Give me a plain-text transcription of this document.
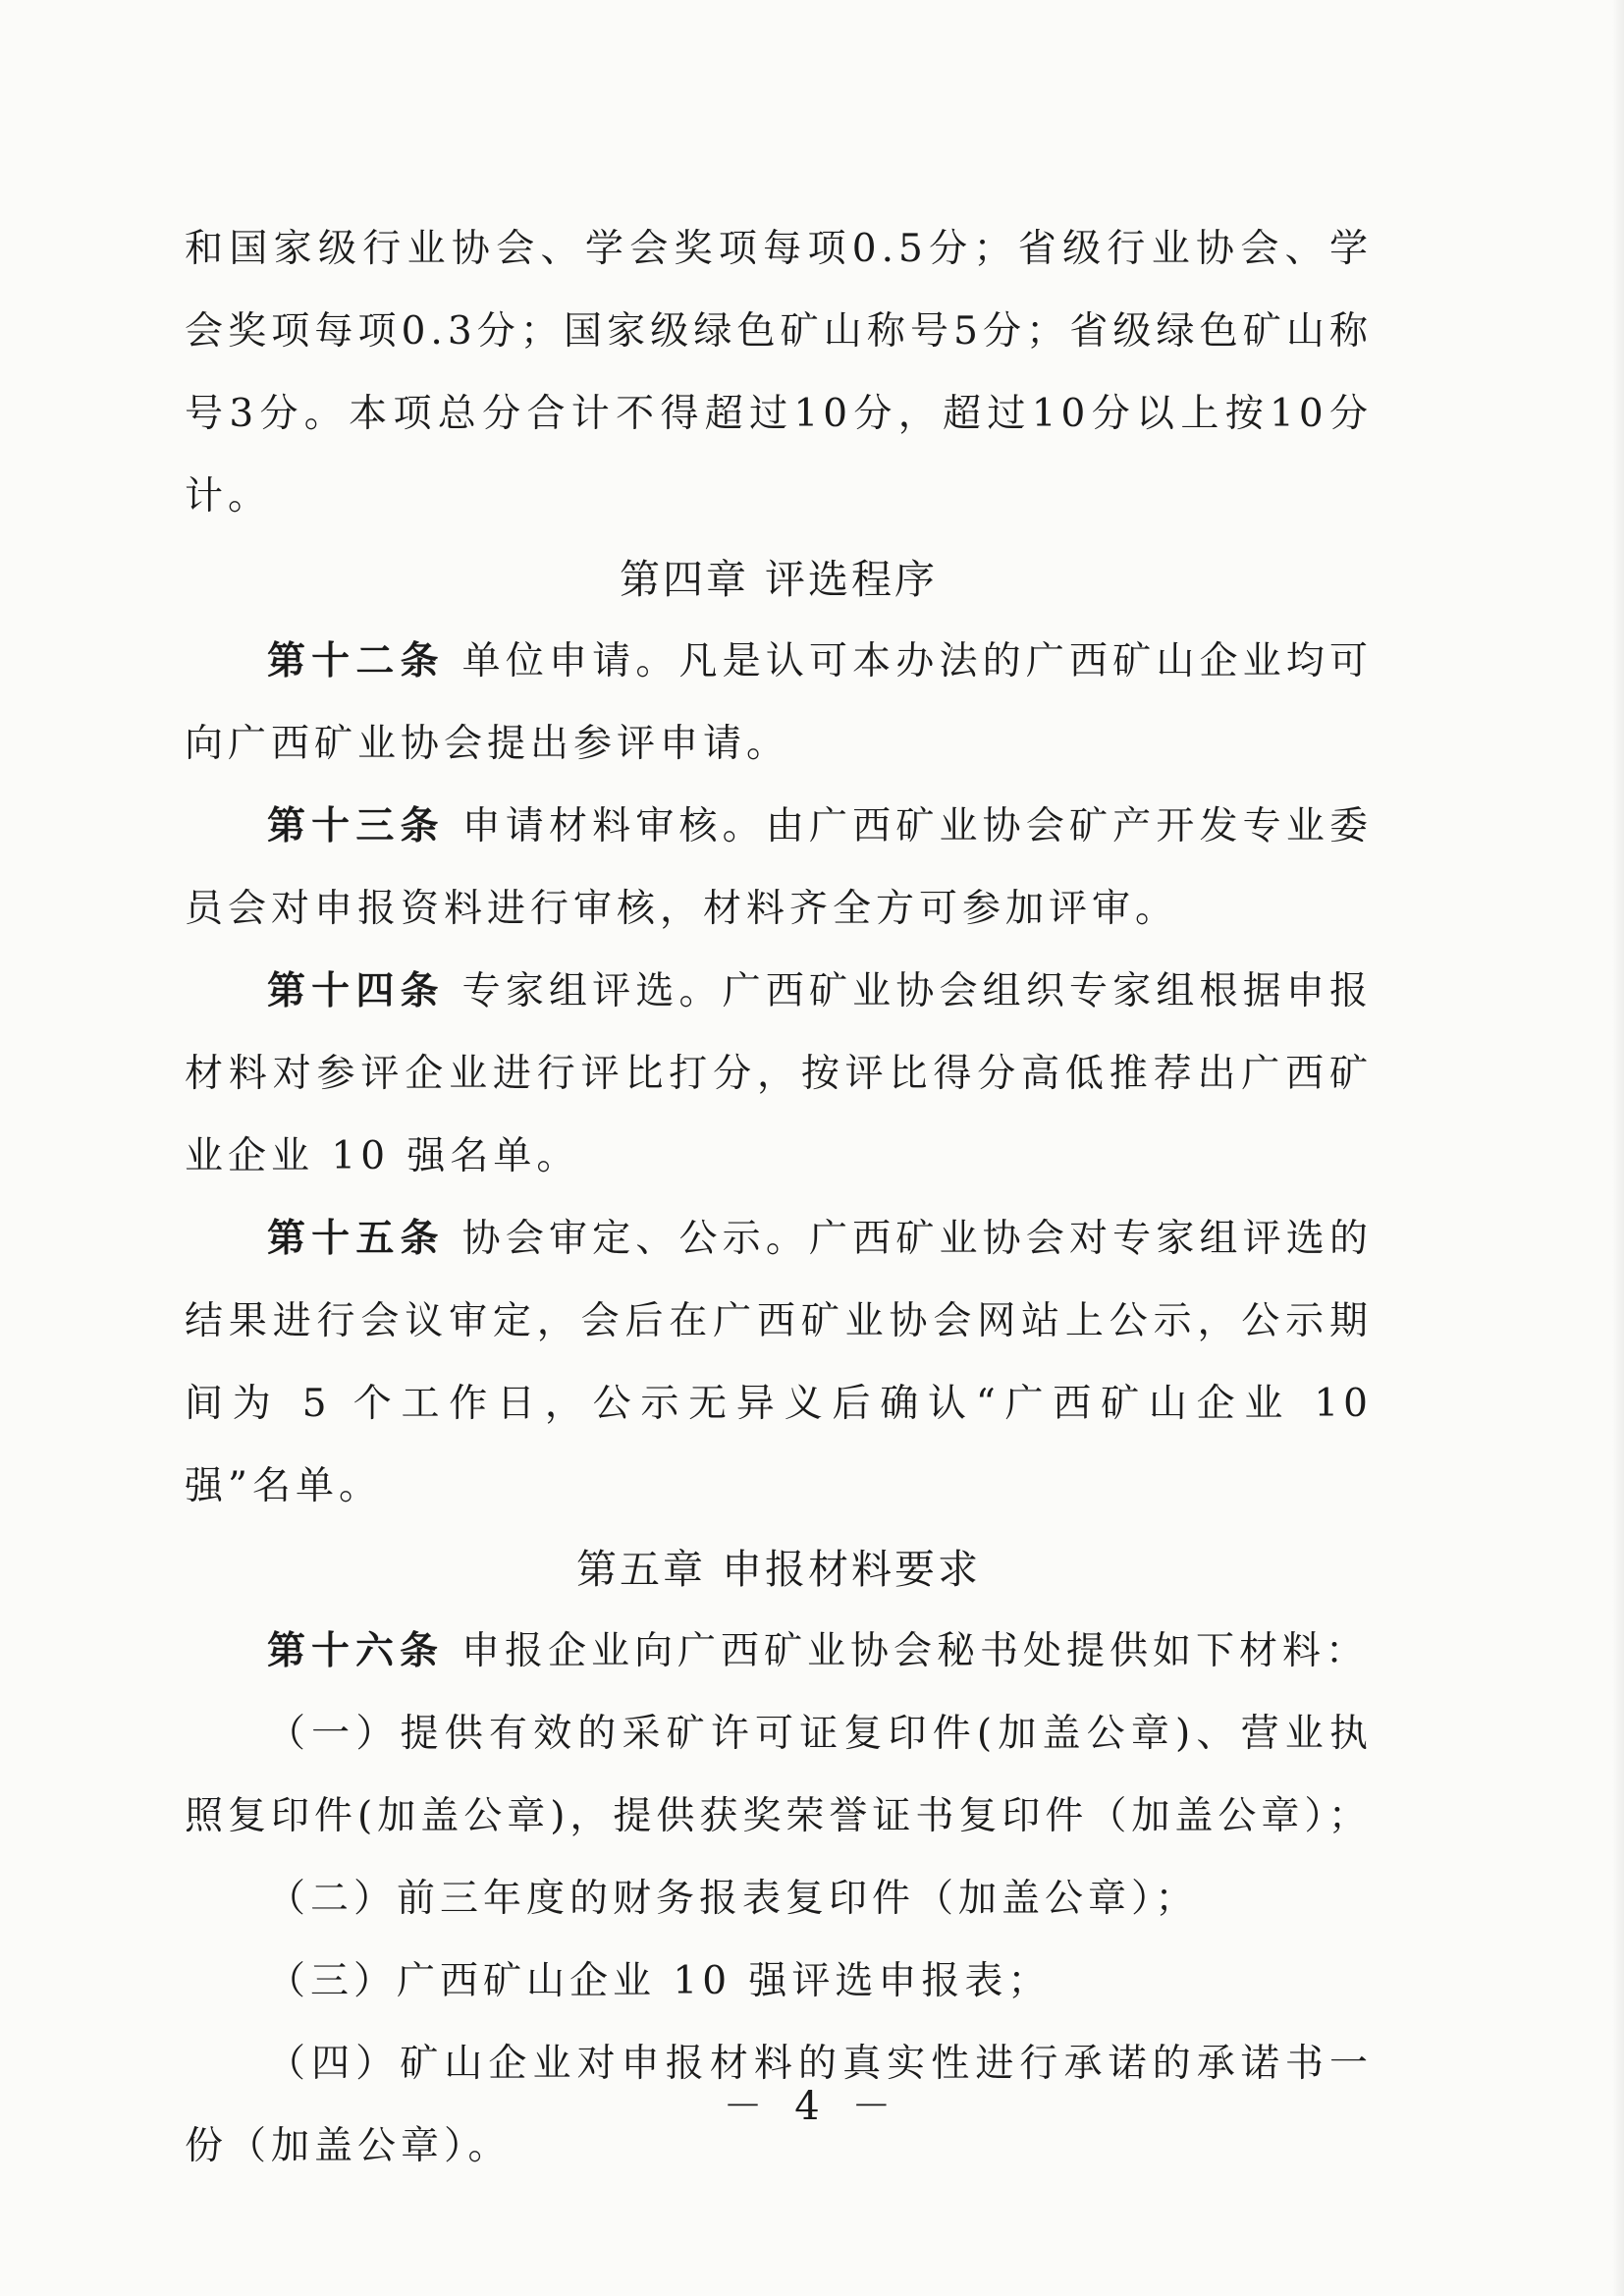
和国家级行业协会、学会奖项每项0.5分；省级行业协会、学会奖项每项0.3分；国家级绿色矿山称号5分；省级绿色矿山称号3分。本项总分合计不得超过10分，超过10分以上按10分计。

第四章 评选程序

第十二条 单位申请。凡是认可本办法的广西矿山企业均可向广西矿业协会提出参评申请。

第十三条 申请材料审核。由广西矿业协会矿产开发专业委员会对申报资料进行审核，材料齐全方可参加评审。

第十四条 专家组评选。广西矿业协会组织专家组根据申报材料对参评企业进行评比打分，按评比得分高低推荐出广西矿业企业 10 强名单。

第十五条 协会审定、公示。广西矿业协会对专家组评选的结果进行会议审定，会后在广西矿业协会网站上公示，公示期间为 5 个工作日，公示无异义后确认“广西矿山企业 10 强”名单。

第五章 申报材料要求

第十六条 申报企业向广西矿业协会秘书处提供如下材料：

（一）提供有效的采矿许可证复印件(加盖公章)、营业执照复印件(加盖公章)，提供获奖荣誉证书复印件（加盖公章）；

（二）前三年度的财务报表复印件（加盖公章）；

（三）广西矿山企业 10 强评选申报表；

（四）矿山企业对申报材料的真实性进行承诺的承诺书一份（加盖公章）。

－ 4 －
